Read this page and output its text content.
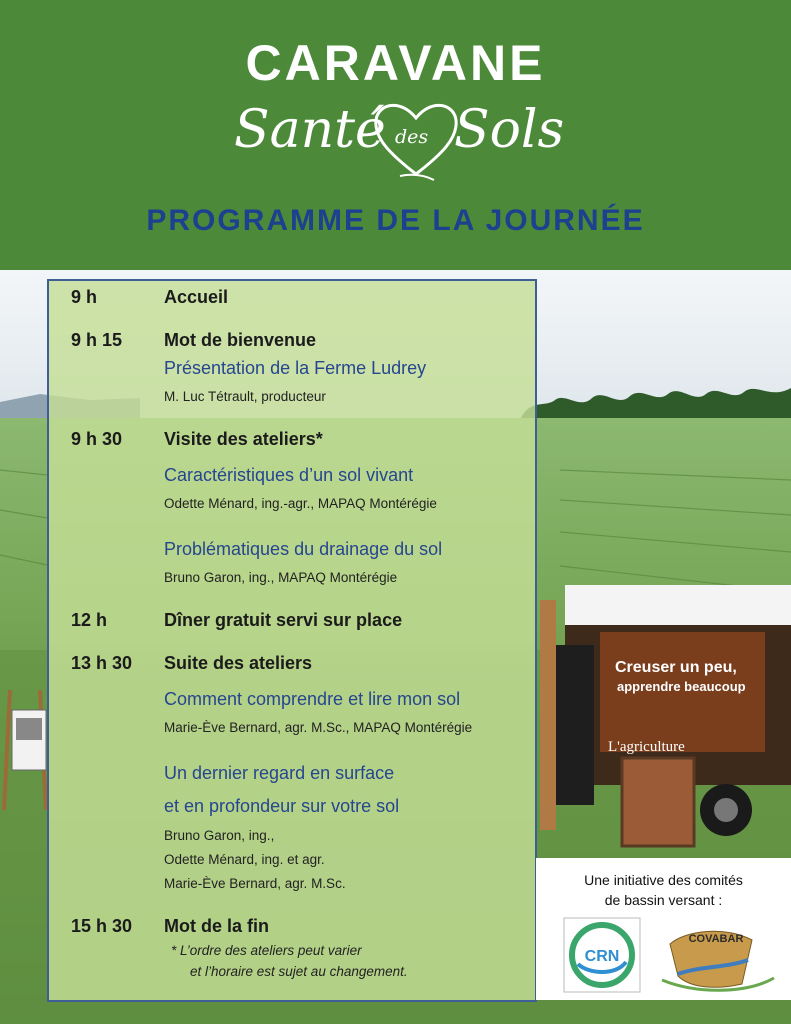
CARAVANE
Santé des Sols
PROGRAMME DE LA JOURNÉE
Creuser un peu,
apprendre beaucoup
L'agriculture
9 h	Accueil
9 h 15 Mot de bienvenue
Présentation de la Ferme Ludrey
M. Luc Tétrault, producteur
9 h 30 Visite des ateliers*
Caractéristiques d’un sol vivant
Odette Ménard, ing.-agr., MAPAQ Montérégie
Problématiques du drainage du sol
Bruno Garon, ing., MAPAQ Montérégie
12 h	Dîner gratuit servi sur place
13 h 30 Suite des ateliers
Comment comprendre et lire mon sol
Marie-Ève Bernard, agr. M.Sc., MAPAQ Montérégie
Un dernier regard en surface
et en profondeur sur votre sol
Bruno Garon, ing.,
Odette Ménard, ing. et agr.
Marie-Ève Bernard, agr. M.Sc.
15 h 30 Mot de la fin
* L’ordre des ateliers peut varier
et l’horaire est sujet au changement.
Une initiative des comités
de bassin versant :
CRN
COVABAR
